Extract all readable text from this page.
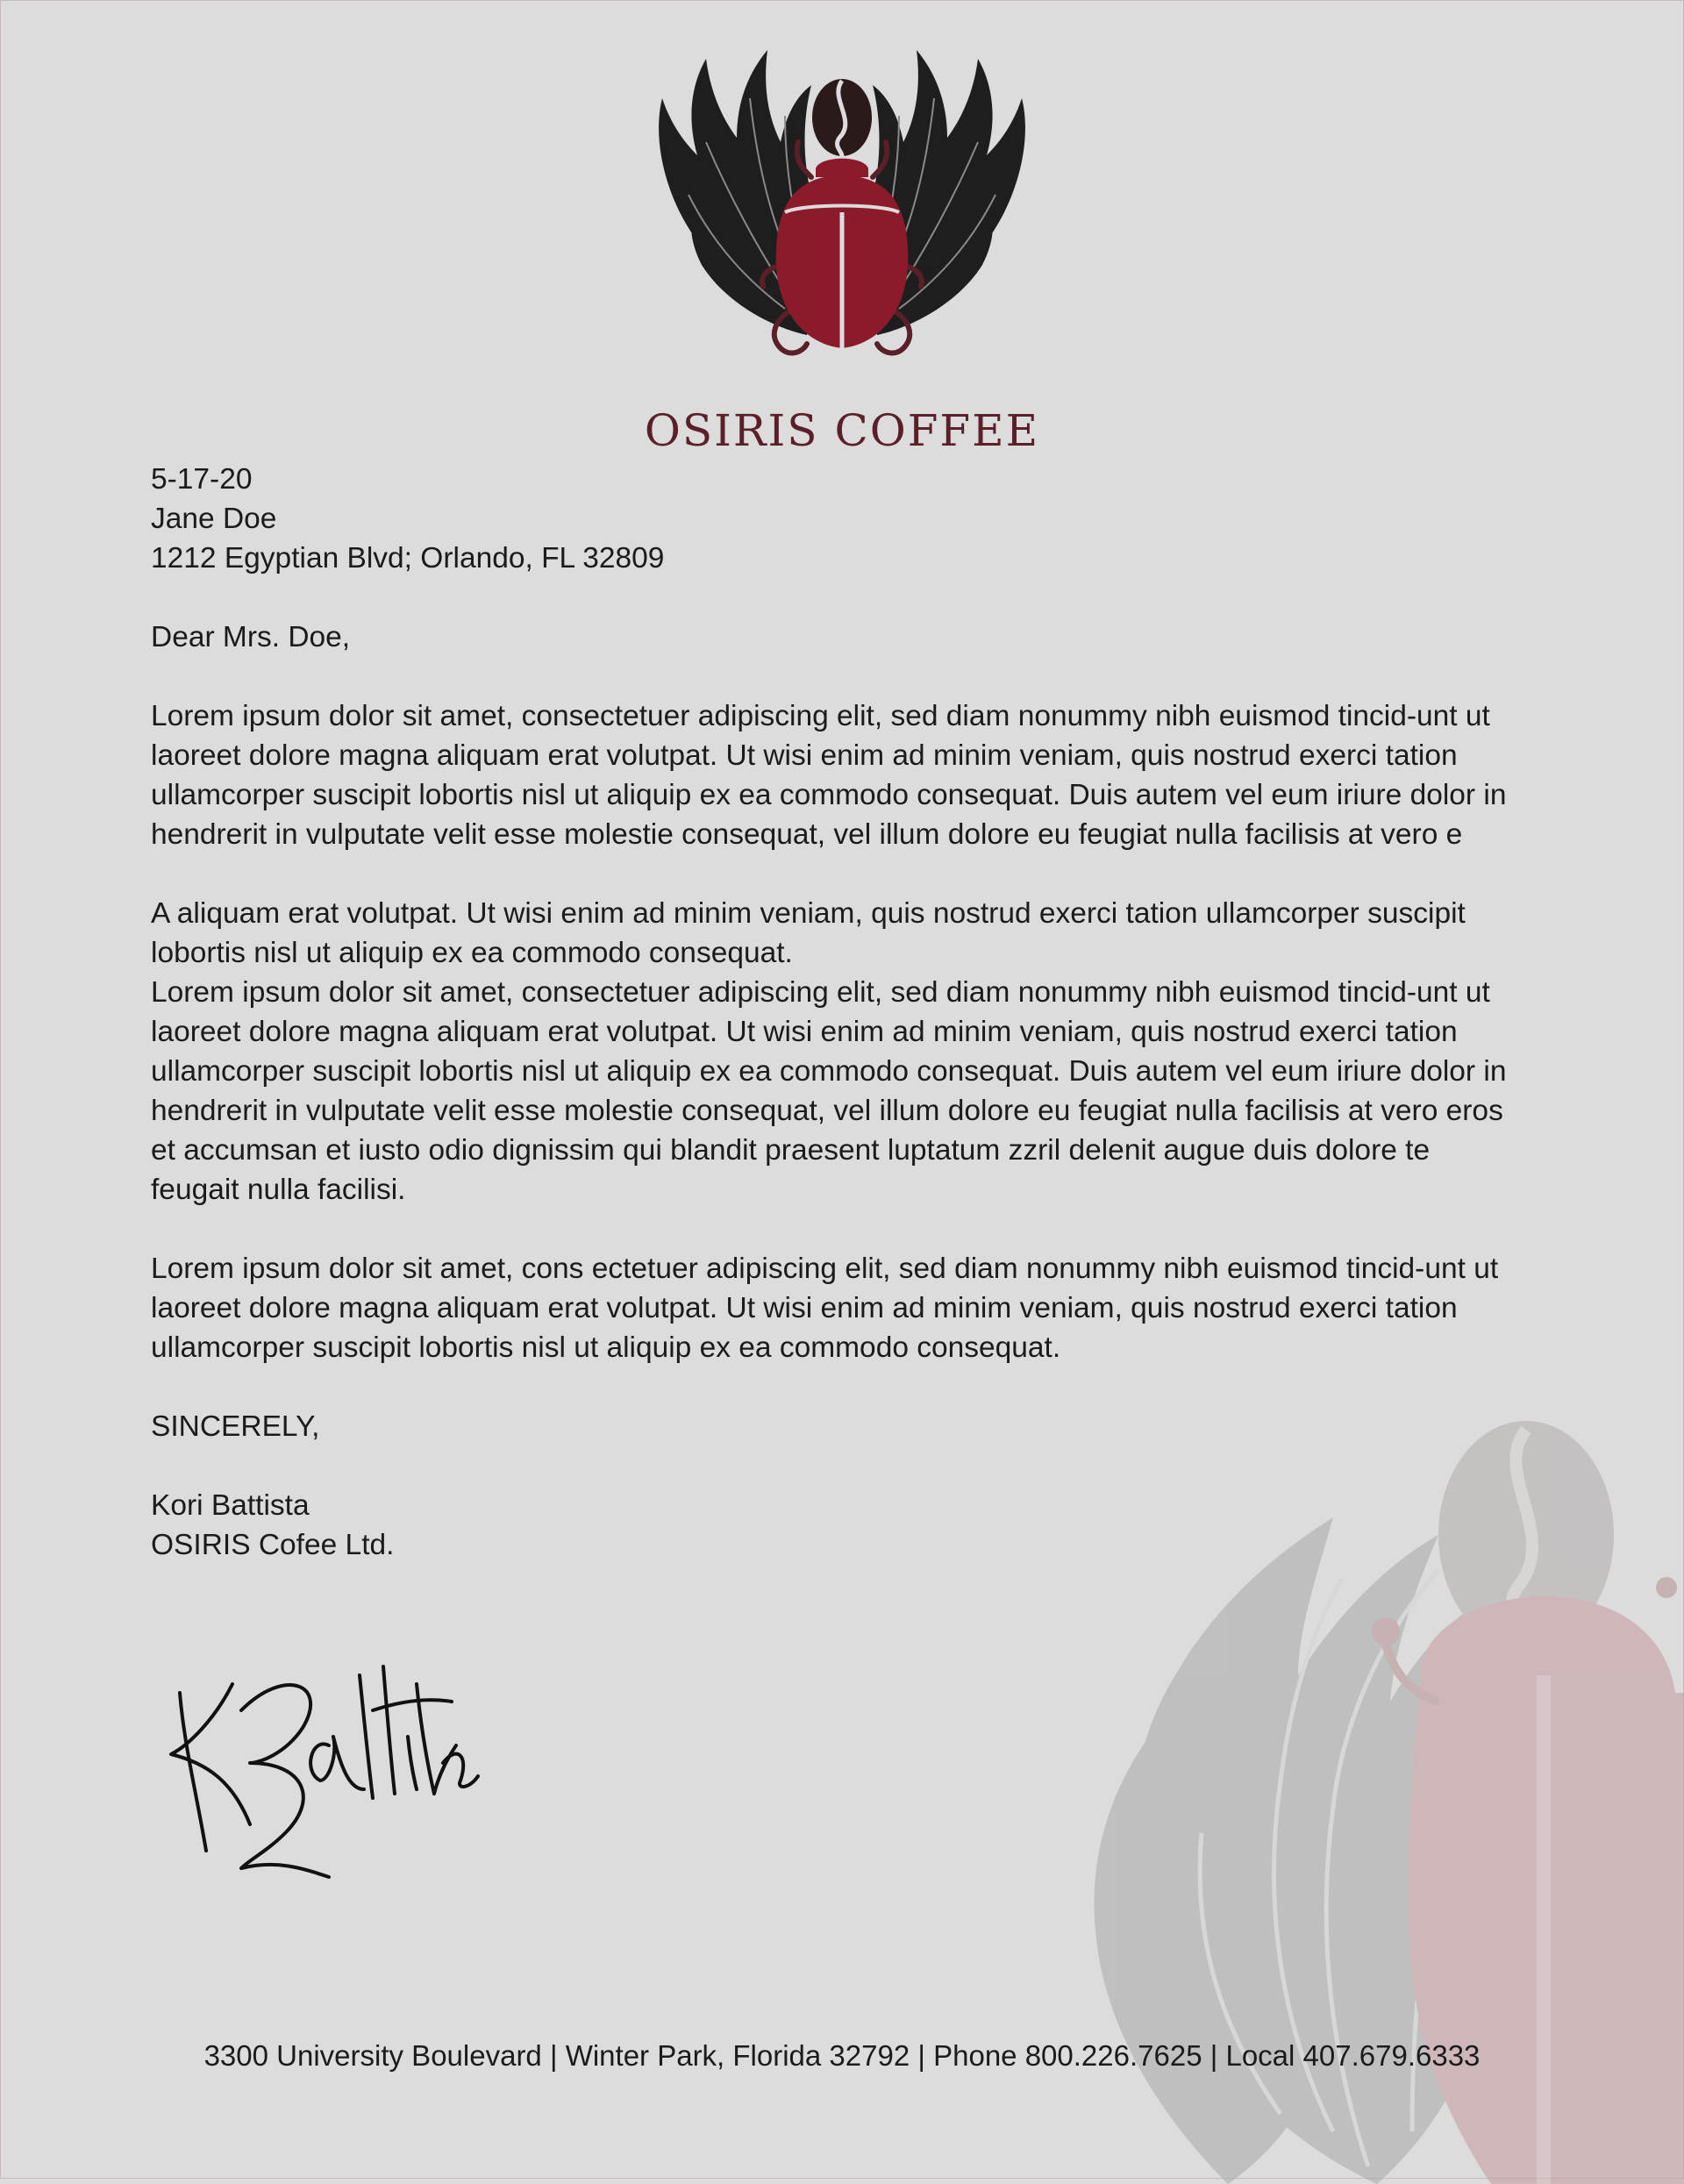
OSIRIS COFFEE

5-17-20

Jane Doe

1212 Egyptian Blvd; Orlando, FL 32809

Dear Mrs. Doe,

Lorem ipsum dolor sit amet, consectetuer adipiscing elit, sed diam nonummy nibh euismod tincid-unt ut laoreet dolore magna aliquam erat volutpat. Ut wisi enim ad minim veniam, quis nostrud exerci tation ullamcorper suscipit lobortis nisl ut aliquip ex ea commodo consequat. Duis autem vel eum iriure dolor in hendrerit in vulputate velit esse molestie consequat, vel illum dolore eu feugiat nulla facilisis at vero e

A aliquam erat volutpat. Ut wisi enim ad minim veniam, quis nostrud exerci tation ullamcorper suscipit lobortis nisl ut aliquip ex ea commodo consequat.

Lorem ipsum dolor sit amet, consectetuer adipiscing elit, sed diam nonummy nibh euismod tincid-unt ut laoreet dolore magna aliquam erat volutpat. Ut wisi enim ad minim veniam, quis nostrud exerci tation ullamcorper suscipit lobortis nisl ut aliquip ex ea commodo consequat. Duis autem vel eum iriure dolor in hendrerit in vulputate velit esse molestie consequat, vel illum dolore eu feugiat nulla facilisis at vero eros et accumsan et iusto odio dignissim qui blandit praesent luptatum zzril delenit augue duis dolore te feugait nulla facilisi.

Lorem ipsum dolor sit amet, cons ectetuer adipiscing elit, sed diam nonummy nibh euismod tincid-unt ut laoreet dolore magna aliquam erat volutpat. Ut wisi enim ad minim veniam, quis nostrud exerci tation ullamcorper suscipit lobortis nisl ut aliquip ex ea commodo consequat.

SINCERELY,

Kori Battista

OSIRIS Cofee Ltd.

3300 University Boulevard | Winter Park, Florida 32792 | Phone 800.226.7625 | Local 407.679.6333
